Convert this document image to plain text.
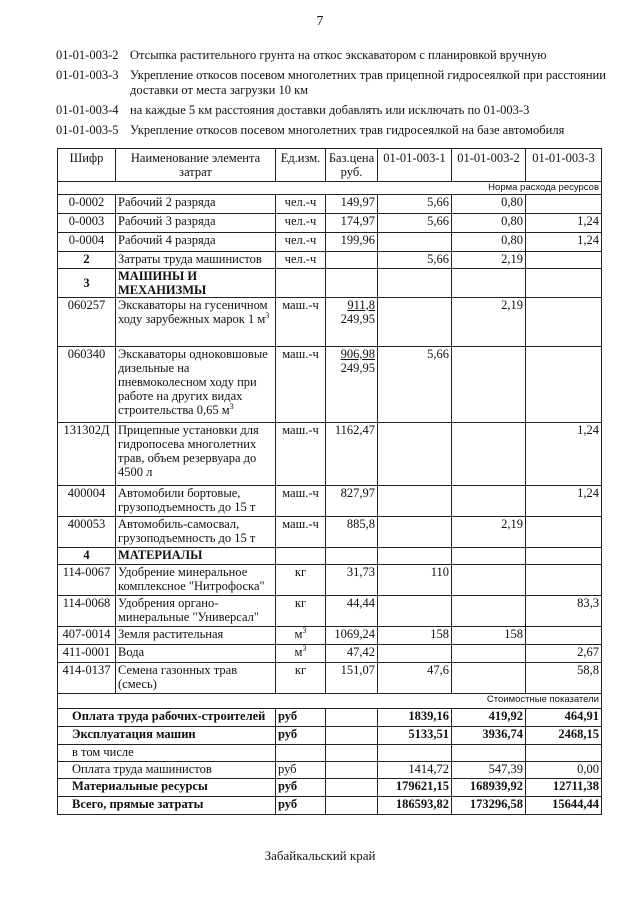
7
01-01-003-2 Отсыпка растительного грунта на откос экскаватором с планировкой вручную
01-01-003-3 Укрепление откосов посевом многолетних трав прицепной гидросеялкой при расстоянии доставки от места загрузки 10 км
01-01-003-4 на каждые 5 км расстояния доставки добавлять или исключать по 01-003-3
01-01-003-5 Укрепление откосов посевом многолетних трав гидросеялкой на базе автомобиля
Шифр	Наименование элемента затрат	Ед.изм.	Баз.цена руб.	01-01-003-1	01-01-003-2	01-01-003-3
Норма расхода ресурсов						
0-0002	Рабочий 2 разряда	чел.-ч	149,97	5,66	0,80	
0-0003	Рабочий 3 разряда	чел.-ч	174,97	5,66	0,80	1,24
0-0004	Рабочий 4 разряда	чел.-ч	199,96		0,80	1,24
2	Затраты труда машинистов	чел.-ч		5,66	2,19	
3	МАШИНЫ И
МЕХАНИЗМЫ					
060257	Экскаваторы на гусеничном ходу зарубежных марок 1 $м^3$	маш.-ч	911,8
249,95		2,19	
060340	Экскаваторы одноковшовые дизельные на пневмоколесном ходу при работе на других видах строительства 0,65 $м^3$	маш.-ч	906,98
249,95	5,66		
131302Д	Прицепные установки для гидропосева многолетних трав, объем резервуара до 4500 л	маш.-ч	1162,47			1,24
400004	Автомобили бортовые, грузоподъемность до 15 т	маш.-ч	827,97			1,24
400053	Автомобиль-самосвал, грузоподъемность до 15 т	маш.-ч	885,8		2,19	
4	МАТЕРИАЛЫ					
114-0067	Удобрение минеральное комплексное "Нитрофоска"	кг	31,73	110		
114-0068	Удобрения органо-минеральные "Универсал"	кг	44,44			83,3
407-0014	Земля растительная	$м^3$	1069,24	158	158	
411-0001	Вода	$м^3$	47,42			2,67
414-0137	Семена газонных трав (смесь)	кг	151,07	47,6		58,8
Стоимостные показатели						
Оплата труда рабочих-строителей		руб		1839,16	419,92	464,91
Эксплуатация машин		руб		5133,51	3936,74	2468,15
в том числе						
Оплата труда машинистов		руб		1414,72	547,39	0,00
Материальные ресурсы		руб		179621,15	168939,92	12711,38
Всего, прямые затраты		руб		186593,82	173296,58	15644,44
Забайкальский край
